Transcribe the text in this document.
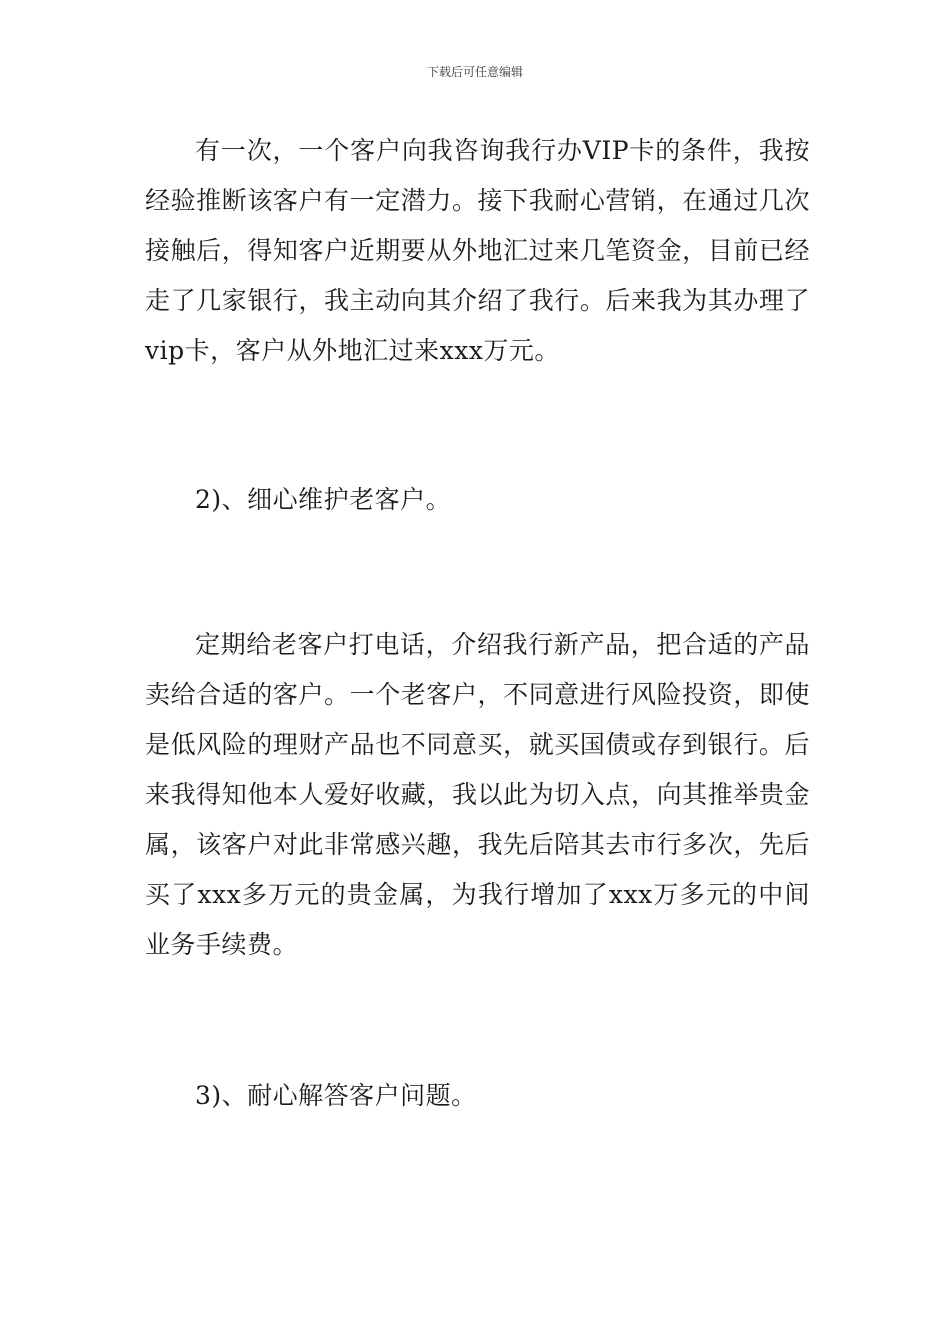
下载后可任意编辑

有一次，一个客户向我咨询我行办VIP卡的条件，我按经验推断该客户有一定潜力。接下我耐心营销，在通过几次接触后，得知客户近期要从外地汇过来几笔资金，目前已经走了几家银行，我主动向其介绍了我行。后来我为其办理了vip卡，客户从外地汇过来xxx万元。

2)、细心维护老客户。

定期给老客户打电话，介绍我行新产品，把合适的产品卖给合适的客户。一个老客户，不同意进行风险投资，即使是低风险的理财产品也不同意买，就买国债或存到银行。后来我得知他本人爱好收藏，我以此为切入点，向其推举贵金属，该客户对此非常感兴趣，我先后陪其去市行多次，先后买了xxx多万元的贵金属，为我行增加了xxx万多元的中间业务手续费。

3)、耐心解答客户问题。
